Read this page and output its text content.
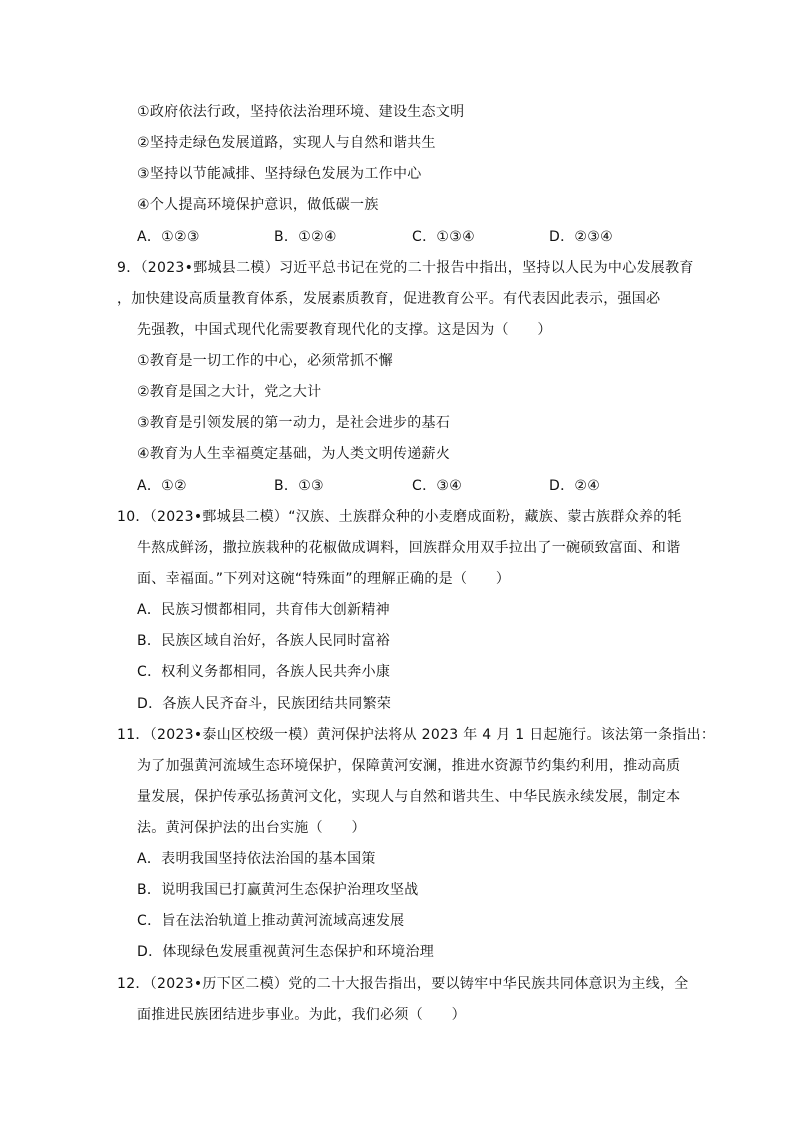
①政府依法行政，坚持依法治理环境、建设生态文明
②坚持走绿色发展道路，实现人与自然和谐共生
③坚持以节能减排、坚持绿色发展为工作中心
④个人提高环境保护意识，做低碳一族
A．①②③	B．①②④	C．①③④	D．②③④
9．（2023•鄄城县二模）习近平总书记在党的二十报告中指出，坚持以人民为中心发展教育
，加快建设高质量教育体系，发展素质教育，促进教育公平。有代表因此表示，强国必
先强教，中国式现代化需要教育现代化的支撑。这是因为（　　）
①教育是一切工作的中心，必须常抓不懈
②教育是国之大计，党之大计
③教育是引领发展的第一动力，是社会进步的基石
④教育为人生幸福奠定基础，为人类文明传递薪火
A．①②	B．①③	C．③④	D．②④
10．（2023•鄄城县二模）“汉族、土族群众种的小麦磨成面粉，藏族、蒙古族群众养的牦
牛熬成鲜汤，撒拉族栽种的花椒做成调料，回族群众用双手拉出了一碗硕致富面、和谐
面、幸福面。”下列对这碗“特殊面”的理解正确的是（　　）
A．民族习惯都相同，共育伟大创新精神
B．民族区域自治好，各族人民同时富裕
C．权利义务都相同，各族人民共奔小康
D．各族人民齐奋斗，民族团结共同繁荣
11．（2023•泰山区校级一模）黄河保护法将从 2023 年 4 月 1 日起施行。该法第一条指出：
为了加强黄河流域生态环境保护，保障黄河安澜，推进水资源节约集约利用，推动高质
量发展，保护传承弘扬黄河文化，实现人与自然和谐共生、中华民族永续发展，制定本
法。黄河保护法的出台实施（　　）
A．表明我国坚持依法治国的基本国策
B．说明我国已打赢黄河生态保护治理攻坚战
C．旨在法治轨道上推动黄河流域高速发展
D．体现绿色发展重视黄河生态保护和环境治理
12．（2023•历下区二模）党的二十大报告指出，要以铸牢中华民族共同体意识为主线，全
面推进民族团结进步事业。为此，我们必须（　　）
